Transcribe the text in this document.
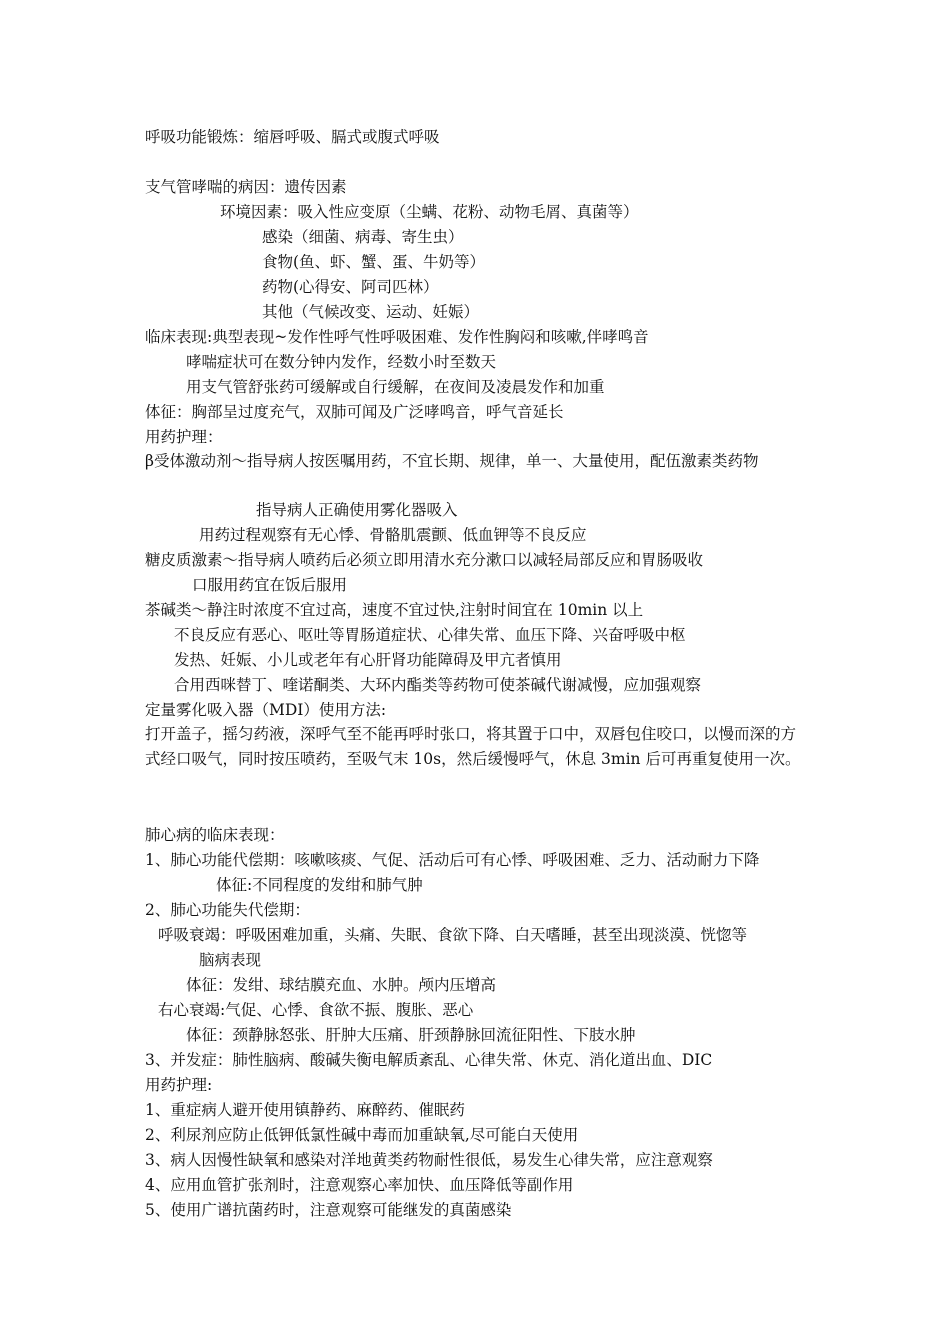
呼吸功能锻炼：缩唇呼吸、膈式或腹式呼吸
支气管哮喘的病因：遗传因素
环境因素：吸入性应变原（尘螨、花粉、动物毛屑、真菌等）
感染（细菌、病毒、寄生虫）
食物(鱼、虾、蟹、蛋、牛奶等）
药物(心得安、阿司匹林）
其他（气候改变、运动、妊娠）
临床表现:典型表现~发作性呼气性呼吸困难、发作性胸闷和咳嗽,伴哮鸣音
哮喘症状可在数分钟内发作，经数小时至数天
用支气管舒张药可缓解或自行缓解，在夜间及凌晨发作和加重
体征：胸部呈过度充气，双肺可闻及广泛哮鸣音，呼气音延长
用药护理：
β受体激动剂～指导病人按医嘱用药，不宜长期、规律，单一、大量使用，配伍激素类药物
指导病人正确使用雾化器吸入
用药过程观察有无心悸、骨骼肌震颤、低血钾等不良反应
糖皮质激素～指导病人喷药后必须立即用清水充分漱口以减轻局部反应和胃肠吸收
口服用药宜在饭后服用
茶碱类～静注时浓度不宜过高，速度不宜过快,注射时间宜在 10min 以上
不良反应有恶心、呕吐等胃肠道症状、心律失常、血压下降、兴奋呼吸中枢
发热、妊娠、小儿或老年有心肝肾功能障碍及甲亢者慎用
合用西咪替丁、喹诺酮类、大环内酯类等药物可使茶碱代谢减慢，应加强观察
定量雾化吸入器（MDI）使用方法:
打开盖子，摇匀药液，深呼气至不能再呼时张口，将其置于口中，双唇包住咬口，以慢而深的方式经口吸气，同时按压喷药，至吸气末 10s，然后缓慢呼气，休息 3min 后可再重复使用一次。
肺心病的临床表现：
1、肺心功能代偿期：咳嗽咳痰、气促、活动后可有心悸、呼吸困难、乏力、活动耐力下降
体征:不同程度的发绀和肺气肿
2、肺心功能失代偿期：
呼吸衰竭：呼吸困难加重，头痛、失眠、食欲下降、白天嗜睡，甚至出现淡漠、恍惚等
脑病表现
体征：发绀、球结膜充血、水肿。颅内压增高
右心衰竭:气促、心悸、食欲不振、腹胀、恶心
体征：颈静脉怒张、肝肿大压痛、肝颈静脉回流征阳性、下肢水肿
3、并发症：肺性脑病、酸碱失衡电解质紊乱、心律失常、休克、消化道出血、DIC
用药护理:
1、重症病人避开使用镇静药、麻醉药、催眠药
2、利尿剂应防止低钾低氯性碱中毒而加重缺氧,尽可能白天使用
3、病人因慢性缺氧和感染对洋地黄类药物耐性很低，易发生心律失常，应注意观察
4、应用血管扩张剂时，注意观察心率加快、血压降低等副作用
5、使用广谱抗菌药时，注意观察可能继发的真菌感染
